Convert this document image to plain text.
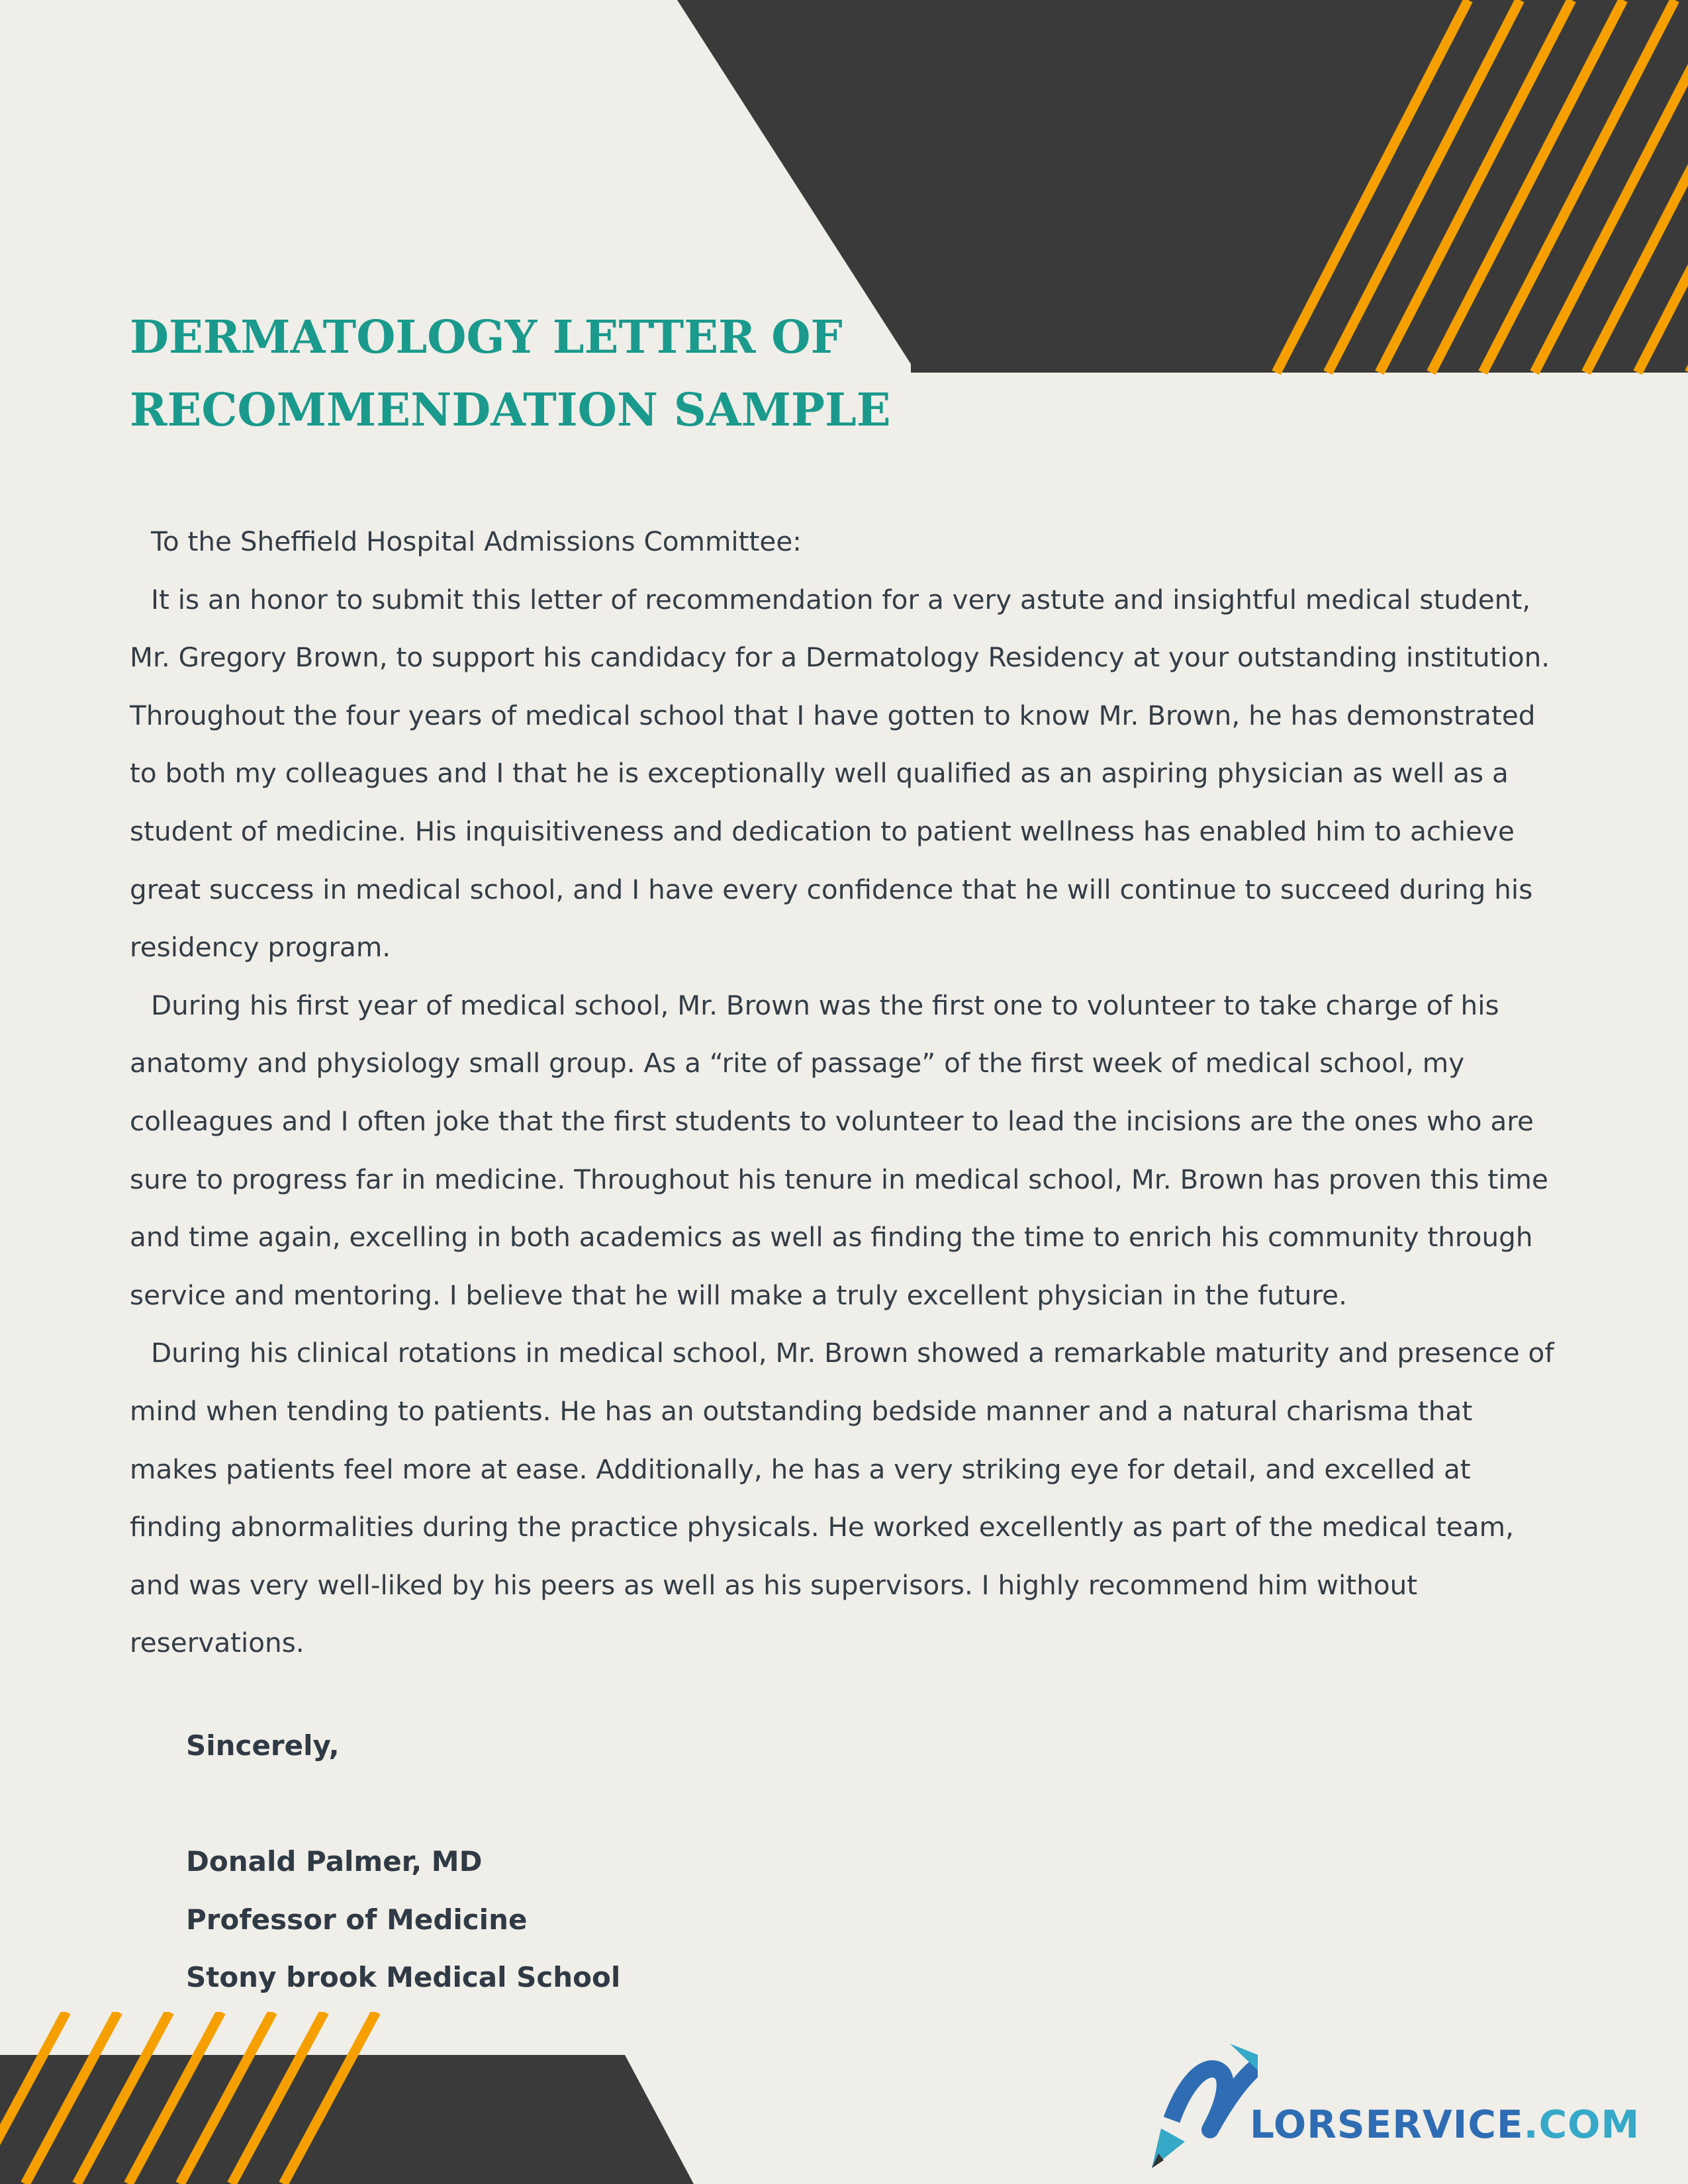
DERMATOLOGY LETTER OF
RECOMMENDATION SAMPLE

To the Sheffield Hospital Admissions Committee:

It is an honor to submit this letter of recommendation for a very astute and insightful medical student, Mr. Gregory Brown, to support his candidacy for a Dermatology Residency at your outstanding institution. Throughout the four years of medical school that I have gotten to know Mr. Brown, he has demonstrated to both my colleagues and I that he is exceptionally well qualified as an aspiring physician as well as a student of medicine. His inquisitiveness and dedication to patient wellness has enabled him to achieve great success in medical school, and I have every confidence that he will continue to succeed during his residency program.

During his first year of medical school, Mr. Brown was the first one to volunteer to take charge of his anatomy and physiology small group. As a “rite of passage” of the first week of medical school, my colleagues and I often joke that the first students to volunteer to lead the incisions are the ones who are sure to progress far in medicine. Throughout his tenure in medical school, Mr. Brown has proven this time and time again, excelling in both academics as well as finding the time to enrich his community through service and mentoring. I believe that he will make a truly excellent physician in the future.

During his clinical rotations in medical school, Mr. Brown showed a remarkable maturity and presence of mind when tending to patients. He has an outstanding bedside manner and a natural charisma that makes patients feel more at ease. Additionally, he has a very striking eye for detail, and excelled at finding abnormalities during the practice physicals. He worked excellently as part of the medical team, and was very well-liked by his peers as well as his supervisors. I highly recommend him without reservations.

Sincerely,
Donald Palmer, MD
Professor of Medicine
Stony brook Medical School
LORSERVICE.COM
